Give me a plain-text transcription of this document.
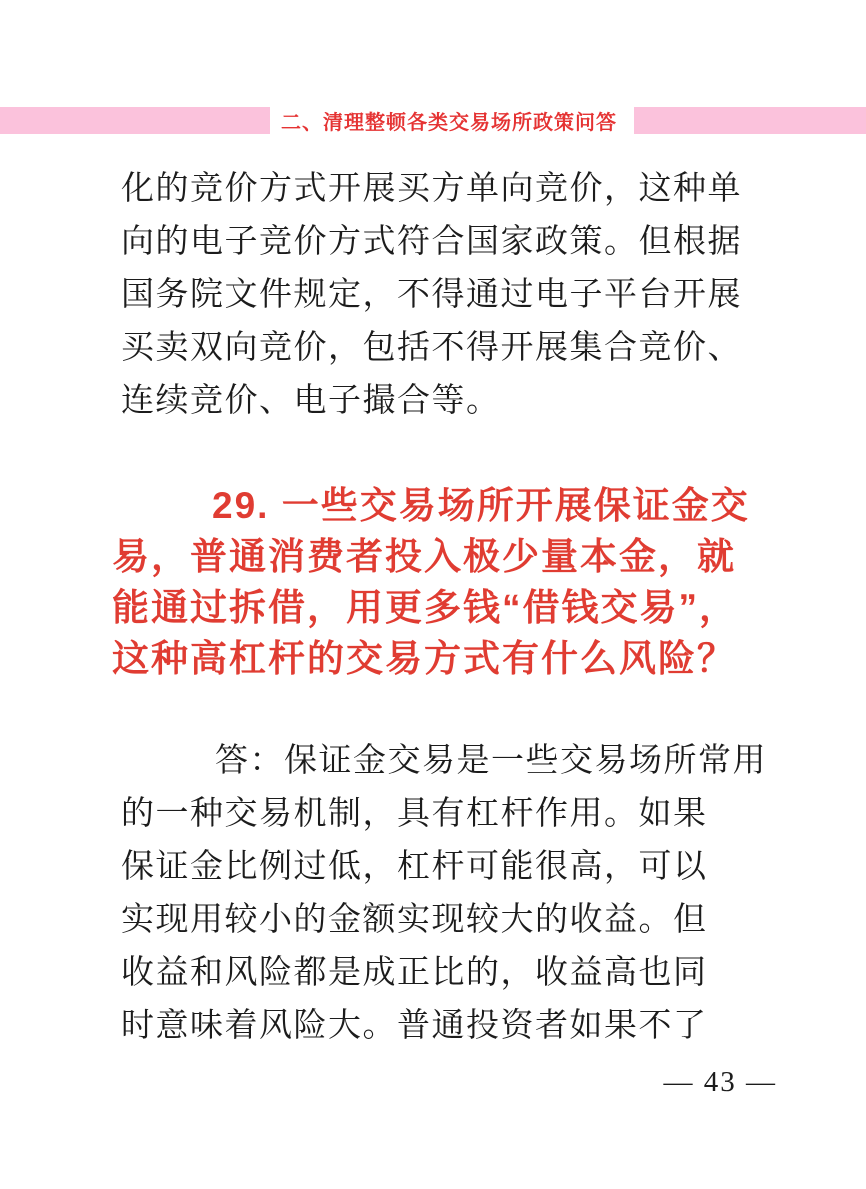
二、清理整顿各类交易场所政策问答
化的竞价方式开展买方单向竞价，这种单
向的电子竞价方式符合国家政策。但根据
国务院文件规定，不得通过电子平台开展
买卖双向竞价，包括不得开展集合竞价、
连续竞价、电子撮合等。
29. 一些交易场所开展保证金交
易，普通消费者投入极少量本金，就
能通过拆借，用更多钱“借钱交易”，
这种高杠杆的交易方式有什么风险？
答：保证金交易是一些交易场所常用
的一种交易机制，具有杠杆作用。如果
保证金比例过低，杠杆可能很高，可以
实现用较小的金额实现较大的收益。但
收益和风险都是成正比的，收益高也同
时意味着风险大。普通投资者如果不了
— 43 —
